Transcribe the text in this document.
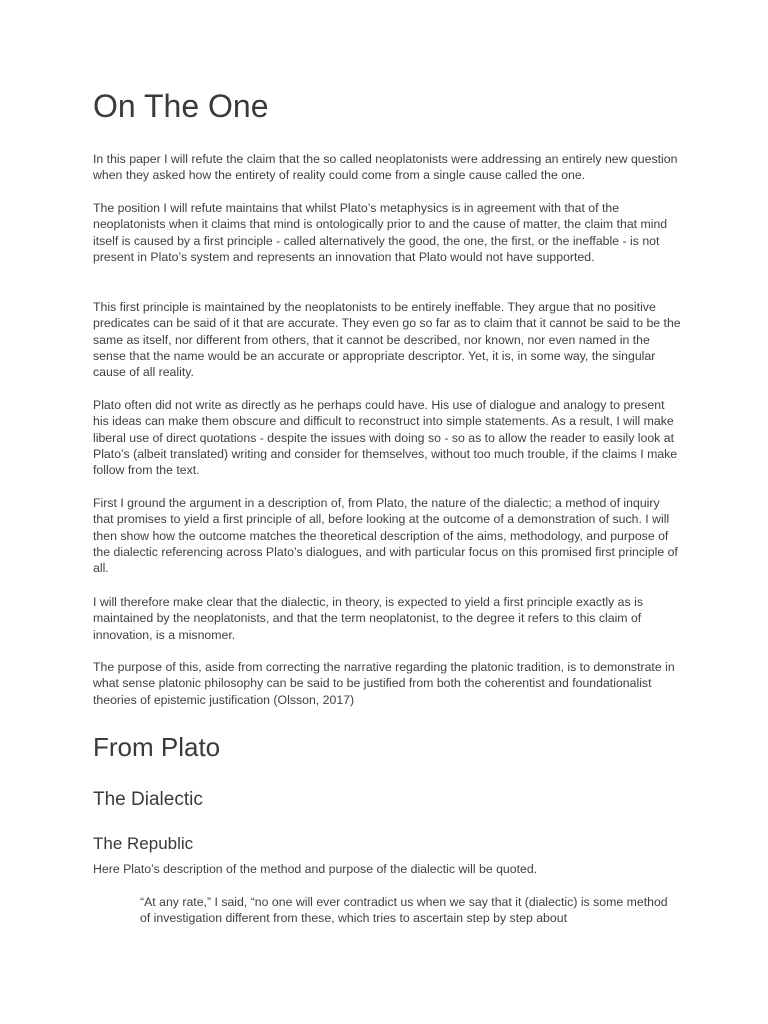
On The One

In this paper I will refute the claim that the so called neoplatonists were addressing an entirely new question when they asked how the entirety of reality could come from a single cause called the one.

The position I will refute maintains that whilst Plato’s metaphysics is in agreement with that of the neoplatonists when it claims that mind is ontologically prior to and the cause of matter, the claim that mind itself is caused by a first principle - called alternatively the good, the one, the first, or the ineffable - is not present in Plato’s system and represents an innovation that Plato would not have supported.

This first principle is maintained by the neoplatonists to be entirely ineffable. They argue that no positive predicates can be said of it that are accurate. They even go so far as to claim that it cannot be said to be the same as itself, nor different from others, that it cannot be described, nor known, nor even named in the sense that the name would be an accurate or appropriate descriptor. Yet, it is, in some way, the singular cause of all reality.

Plato often did not write as directly as he perhaps could have. His use of dialogue and analogy to present his ideas can make them obscure and difficult to reconstruct into simple statements. As a result, I will make liberal use of direct quotations - despite the issues with doing so - so as to allow the reader to easily look at Plato’s (albeit translated) writing and consider for themselves, without too much trouble, if the claims I make follow from the text.

First I ground the argument in a description of, from Plato, the nature of the dialectic; a method of inquiry that promises to yield a first principle of all, before looking at the outcome of a demonstration of such. I will then show how the outcome matches the theoretical description of the aims, methodology, and purpose of the dialectic referencing across Plato’s dialogues, and with particular focus on this promised first principle of all.

I will therefore make clear that the dialectic, in theory, is expected to yield a first principle exactly as is maintained by the neoplatonists, and that the term neoplatonist, to the degree it refers to this claim of innovation, is a misnomer.

The purpose of this, aside from correcting the narrative regarding the platonic tradition, is to demonstrate in what sense platonic philosophy can be said to be justified from both the coherentist and foundationalist theories of epistemic justification (Olsson, 2017)

From Plato
The Dialectic
The Republic

Here Plato’s description of the method and purpose of the dialectic will be quoted.

“At any rate,” I said, “no one will ever contradict us when we say that it (dialectic) is some method of investigation different from these, which tries to ascertain step by step about
